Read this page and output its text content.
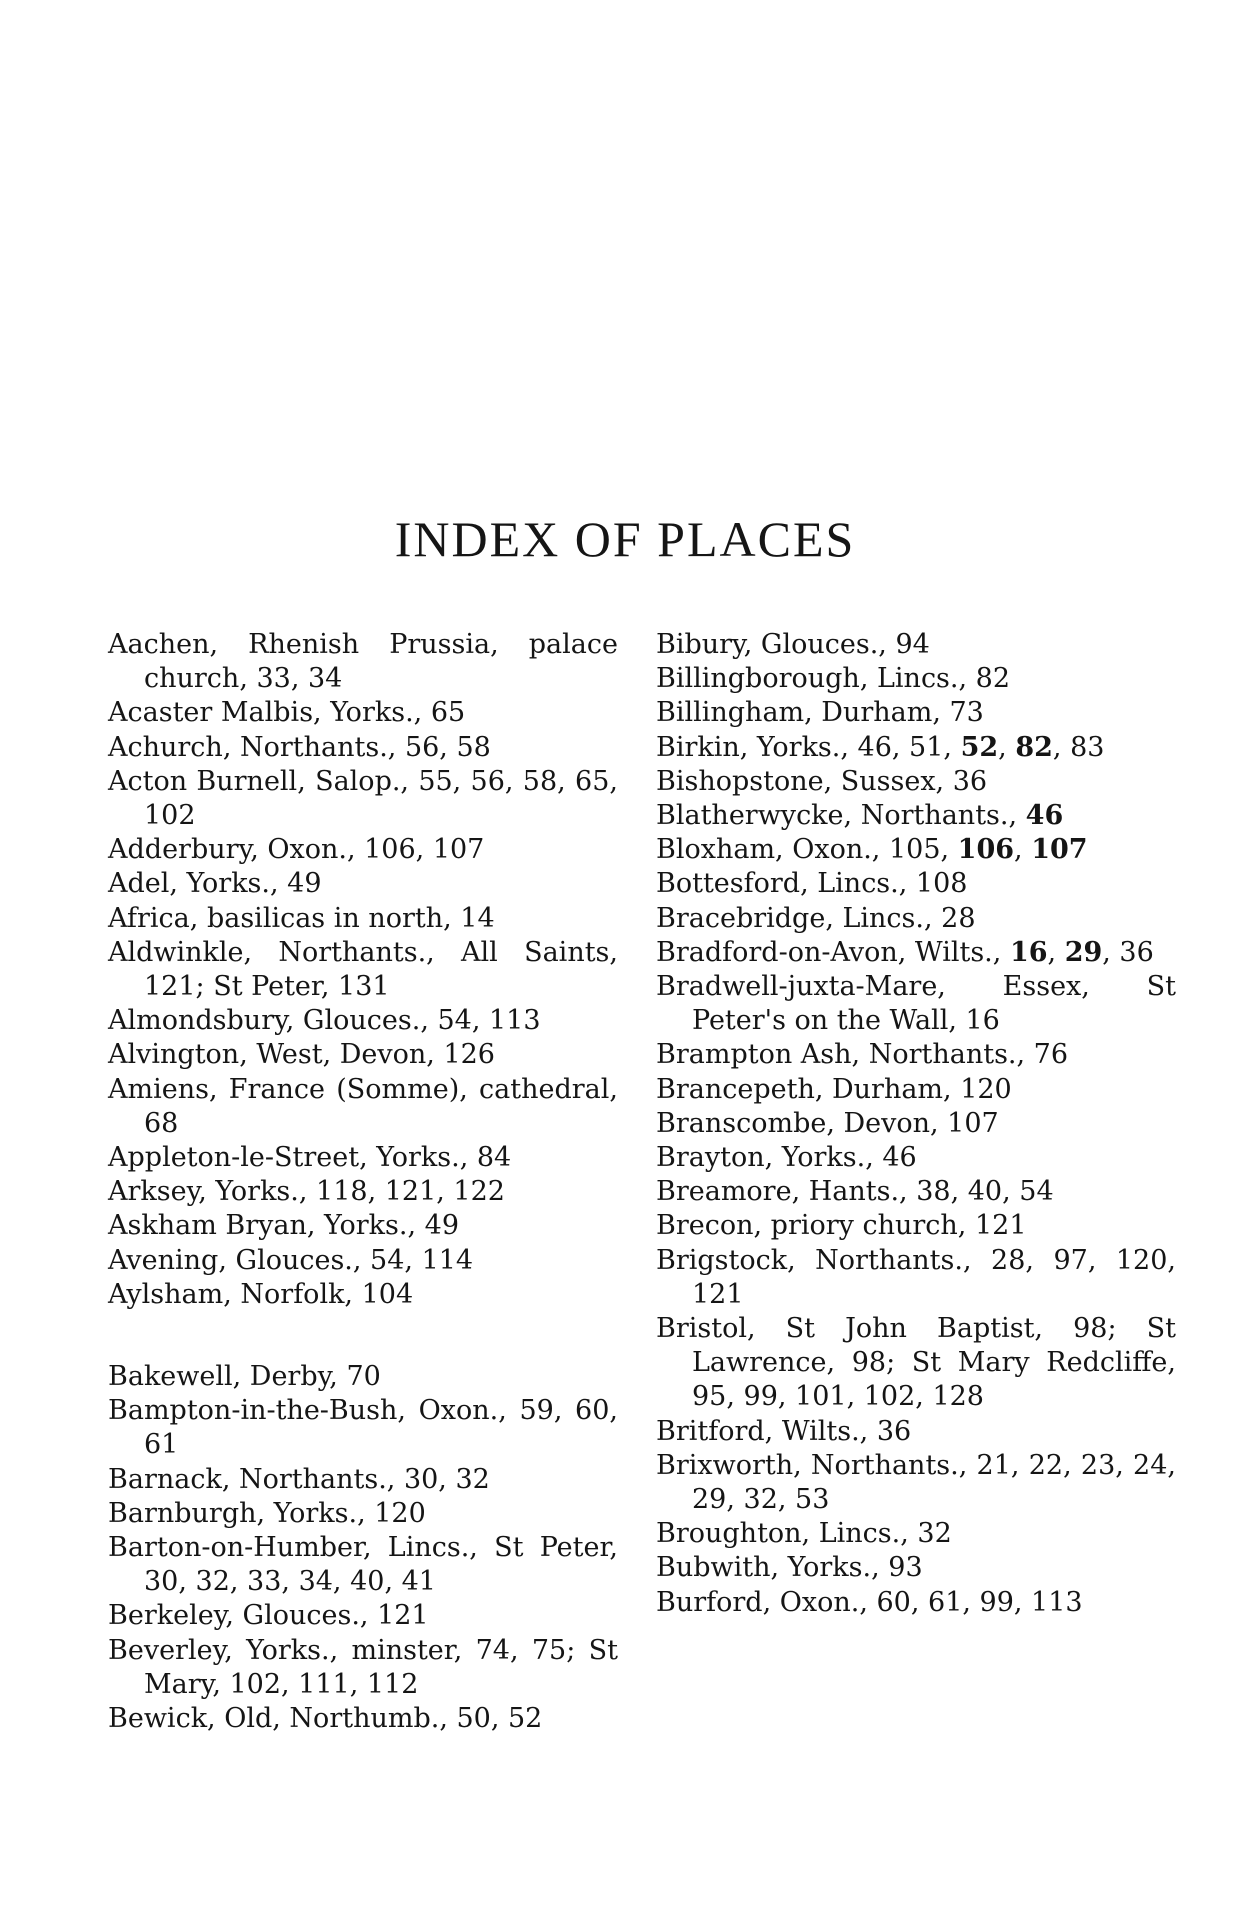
INDEX OF PLACES
Aachen, Rhenish Prussia, palace church, 33, 34
Acaster Malbis, Yorks., 65
Achurch, Northants., 56, 58
Acton Burnell, Salop., 55, 56, 58, 65, 102
Adderbury, Oxon., 106, 107
Adel, Yorks., 49
Africa, basilicas in north, 14
Aldwinkle, Northants., All Saints, 121; St Peter, 131
Almondsbury, Glouces., 54, 113
Alvington, West, Devon, 126
Amiens, France (Somme), cathedral, 68
Appleton-le-Street, Yorks., 84
Arksey, Yorks., 118, 121, 122
Askham Bryan, Yorks., 49
Avening, Glouces., 54, 114
Aylsham, Norfolk, 104
Bakewell, Derby, 70
Bampton-in-the-Bush, Oxon., 59, 60, 61
Barnack, Northants., 30, 32
Barnburgh, Yorks., 120
Barton-on-Humber, Lincs., St Peter, 30, 32, 33, 34, 40, 41
Berkeley, Glouces., 121
Beverley, Yorks., minster, 74, 75; St Mary, 102, 111, 112
Bewick, Old, Northumb., 50, 52
Bibury, Glouces., 94
Billingborough, Lincs., 82
Billingham, Durham, 73
Birkin, Yorks., 46, 51, 52, 82, 83
Bishopstone, Sussex, 36
Blatherwycke, Northants., 46
Bloxham, Oxon., 105, 106, 107
Bottesford, Lincs., 108
Bracebridge, Lincs., 28
Bradford-on-Avon, Wilts., 16, 29, 36
Bradwell-juxta-Mare, Essex, St Peter's on the Wall, 16
Brampton Ash, Northants., 76
Brancepeth, Durham, 120
Branscombe, Devon, 107
Brayton, Yorks., 46
Breamore, Hants., 38, 40, 54
Brecon, priory church, 121
Brigstock, Northants., 28, 97, 120, 121
Bristol, St John Baptist, 98; St Lawrence, 98; St Mary Redcliffe, 95, 99, 101, 102, 128
Britford, Wilts., 36
Brixworth, Northants., 21, 22, 23, 24, 29, 32, 53
Broughton, Lincs., 32
Bubwith, Yorks., 93
Burford, Oxon., 60, 61, 99, 113
